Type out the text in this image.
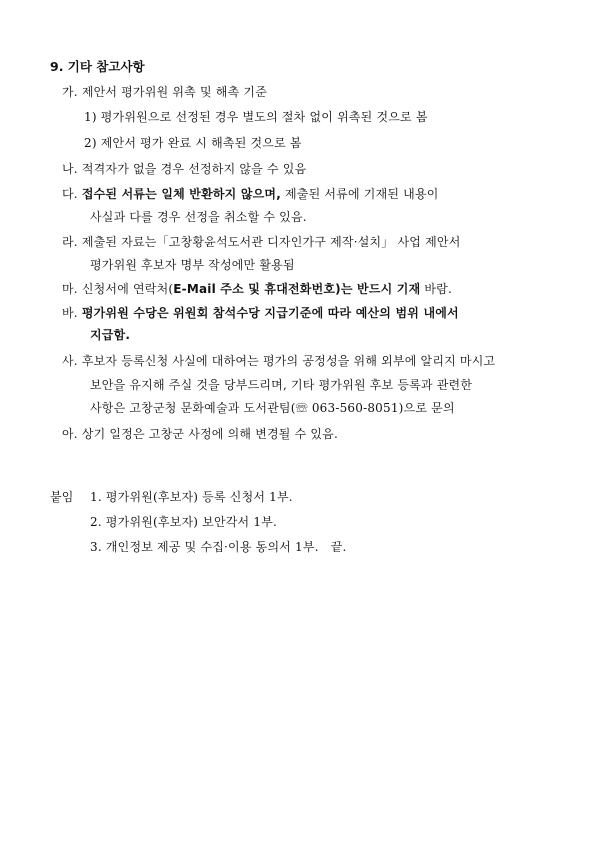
9. 기타 참고사항
가. 제안서 평가위원 위촉 및 해촉 기준
1) 평가위원으로 선정된 경우 별도의 절차 없이 위촉된 것으로 봄
2) 제안서 평가 완료 시 해촉된 것으로 봄
나. 적격자가 없을 경우 선정하지 않을 수 있음
다. 접수된 서류는 일체 반환하지 않으며, 제출된 서류에 기재된 내용이
사실과 다를 경우 선정을 취소할 수 있음.
라. 제출된 자료는「고창황윤석도서관 디자인가구 제작·설치」 사업 제안서
평가위원 후보자 명부 작성에만 활용됨
마. 신청서에 연락처(E-Mail 주소 및 휴대전화번호)는 반드시 기재 바람.
바. 평가위원 수당은 위원회 참석수당 지급기준에 따라 예산의 범위 내에서
지급함.
사. 후보자 등록신청 사실에 대하여는 평가의 공정성을 위해 외부에 알리지 마시고
보안을 유지해 주실 것을 당부드리며, 기타 평가위원 후보 등록과 관련한
사항은 고창군청 문화예술과 도서관팀(☏ 063-560-8051)으로 문의
아. 상기 일정은 고창군 사정에 의해 변경될 수 있음.
붙임 1. 평가위원(후보자) 등록 신청서 1부.
2. 평가위원(후보자) 보안각서 1부.
3. 개인정보 제공 및 수집·이용 동의서 1부. 끝.
